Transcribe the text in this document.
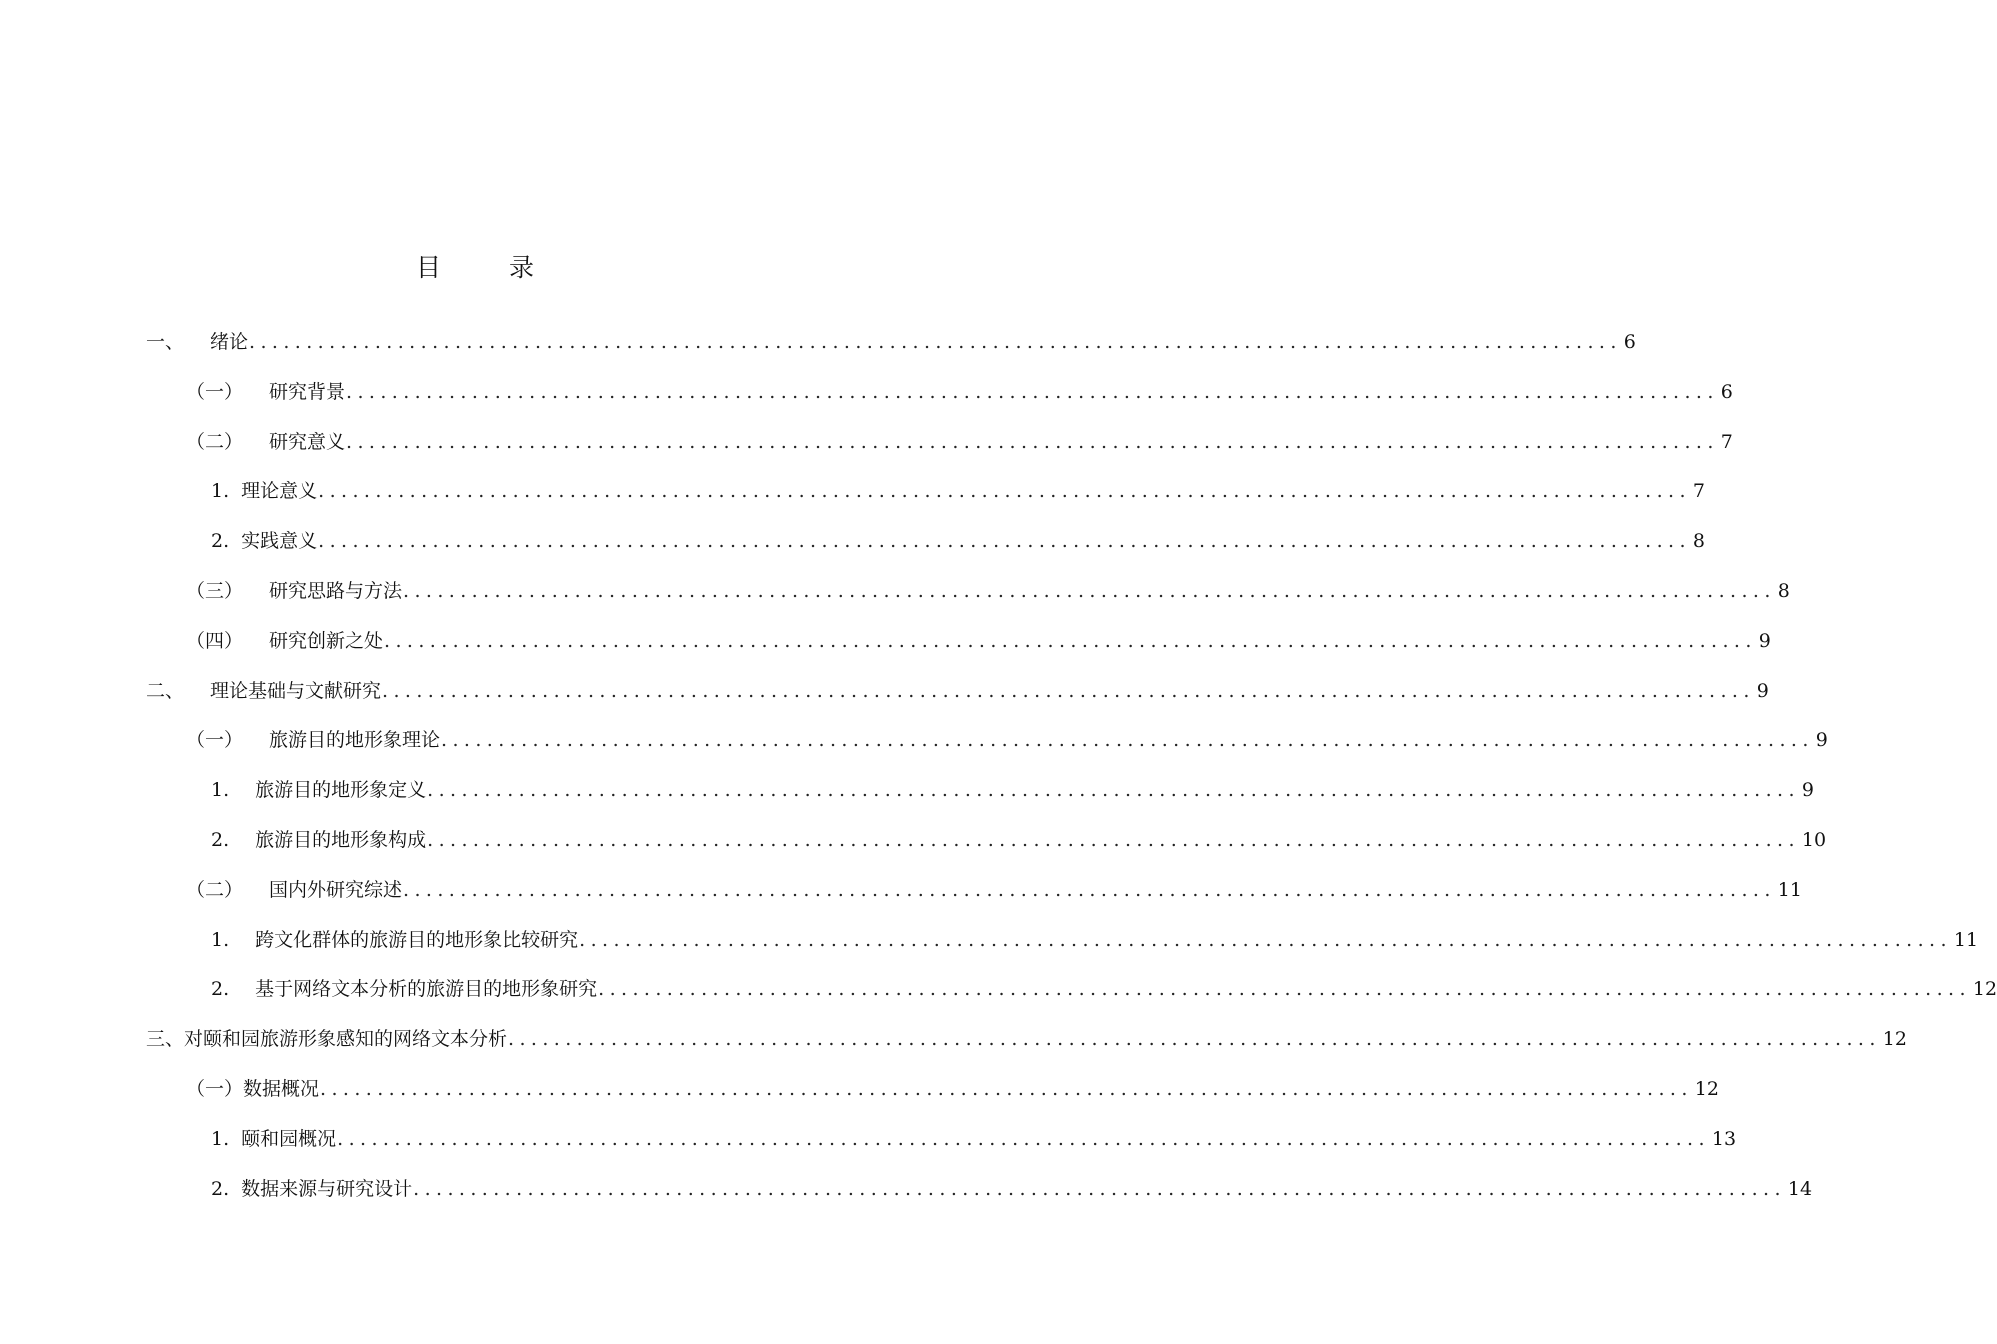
目 录
一、 绪论 ........................................................................................................................ 6
（一） 研究背景 ........................................................................................................................ 6
（二） 研究意义 ........................................................................................................................ 7
1. 理论意义 ........................................................................................................................ 7
2. 实践意义 ........................................................................................................................ 8
（三） 研究思路与方法 ........................................................................................................................ 8
（四） 研究创新之处 ........................................................................................................................ 9
二、 理论基础与文献研究 ........................................................................................................................ 9
（一） 旅游目的地形象理论 ........................................................................................................................ 9
1. 旅游目的地形象定义 ........................................................................................................................ 9
2. 旅游目的地形象构成 ........................................................................................................................ 10
（二） 国内外研究综述 ........................................................................................................................ 11
1. 跨文化群体的旅游目的地形象比较研究 ........................................................................................................................ 11
2. 基于网络文本分析的旅游目的地形象研究 ........................................................................................................................ 12
三、 对颐和园旅游形象感知的网络文本分析 ........................................................................................................................ 12
（一） 数据概况 ........................................................................................................................ 12
1. 颐和园概况 ........................................................................................................................ 13
2. 数据来源与研究设计 ........................................................................................................................ 14
